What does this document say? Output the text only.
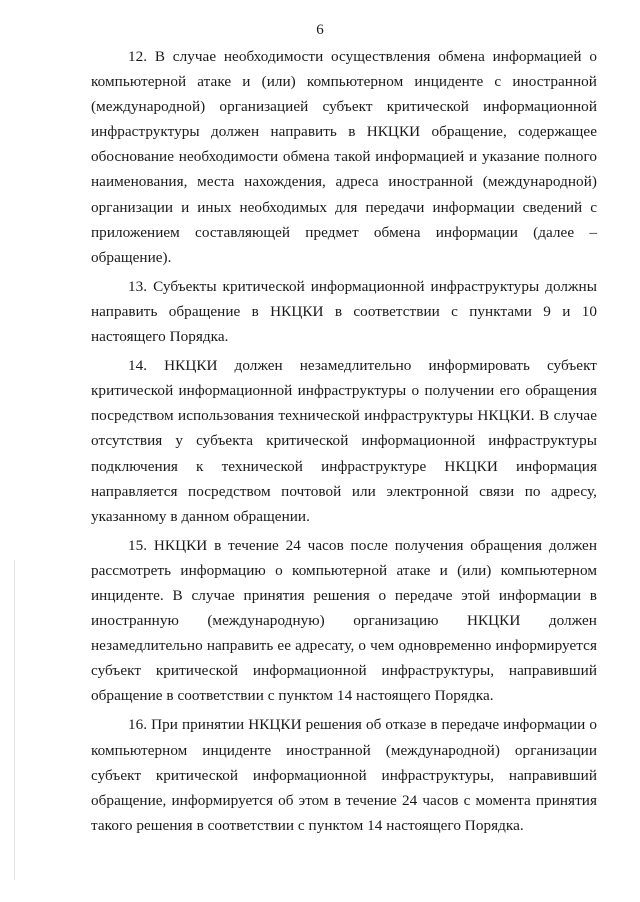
6

12. В случае необходимости осуществления обмена информацией о компьютерной атаке и (или) компьютерном инциденте с иностранной (международной) организацией субъект критической информационной инфраструктуры должен направить в НКЦКИ обращение, содержащее обоснование необходимости обмена такой информацией и указание полного наименования, места нахождения, адреса иностранной (международной) организации и иных необходимых для передачи информации сведений с приложением составляющей предмет обмена информации (далее – обращение).

13. Субъекты критической информационной инфраструктуры должны направить обращение в НКЦКИ в соответствии с пунктами 9 и 10 настоящего Порядка.

14. НКЦКИ должен незамедлительно информировать субъект критической информационной инфраструктуры о получении его обращения посредством использования технической инфраструктуры НКЦКИ. В случае отсутствия у субъекта критической информационной инфраструктуры подключения к технической инфраструктуре НКЦКИ информация направляется посредством почтовой или электронной связи по адресу, указанному в данном обращении.

15. НКЦКИ в течение 24 часов после получения обращения должен рассмотреть информацию о компьютерной атаке и (или) компьютерном инциденте. В случае принятия решения о передаче этой информации в иностранную (международную) организацию НКЦКИ должен незамедлительно направить ее адресату, о чем одновременно информируется субъект критической информационной инфраструктуры, направивший обращение в соответствии с пунктом 14 настоящего Порядка.

16. При принятии НКЦКИ решения об отказе в передаче информации о компьютерном инциденте иностранной (международной) организации субъект критической информационной инфраструктуры, направивший обращение, информируется об этом в течение 24 часов с момента принятия такого решения в соответствии с пунктом 14 настоящего Порядка.
